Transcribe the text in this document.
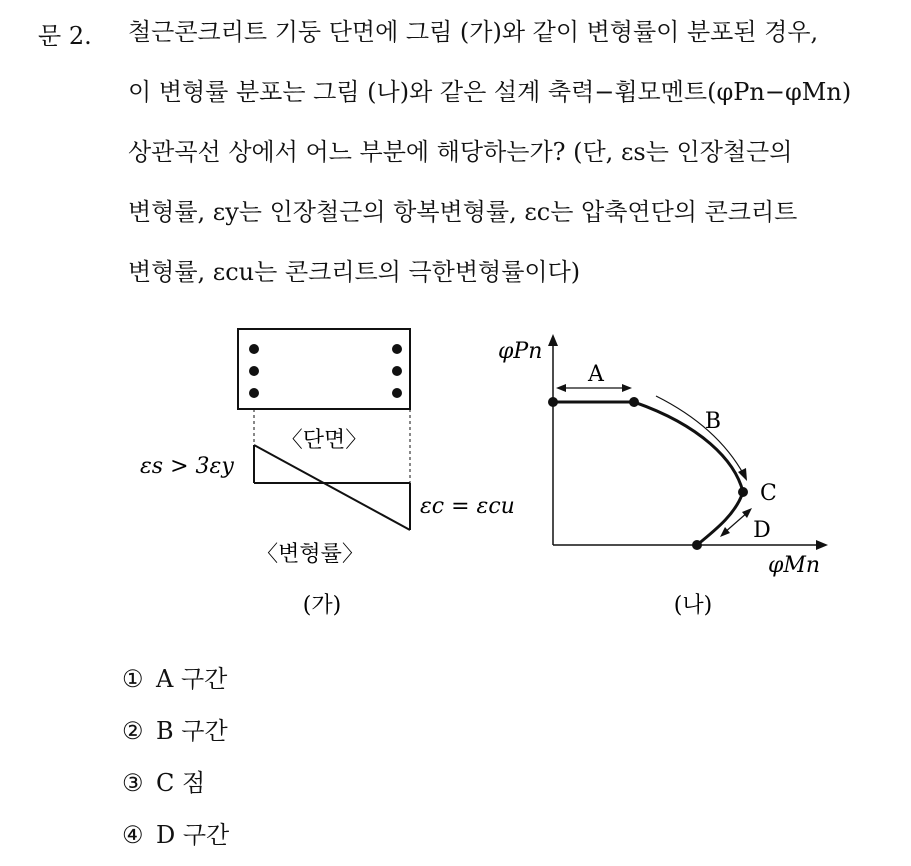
문 2. 철근콘크리트 기둥 단면에 그림 (가)와 같이 변형률이 분포된 경우,
이 변형률 분포는 그림 (나)와 같은 설계 축력−휨모멘트(φPn−φMn)
상관곡선 상에서 어느 부분에 해당하는가? (단, εs는 인장철근의
변형률, εy는 인장철근의 항복변형률, εc는 압축연단의 콘크리트
변형률, εcu는 콘크리트의 극한변형률이다)
〈단면〉
εs > 3εy
εc = εcu
〈변형률〉
(가)
φPn
φMn
A
B
C
D
(나)
① A 구간
② B 구간
③ C 점
④ D 구간
